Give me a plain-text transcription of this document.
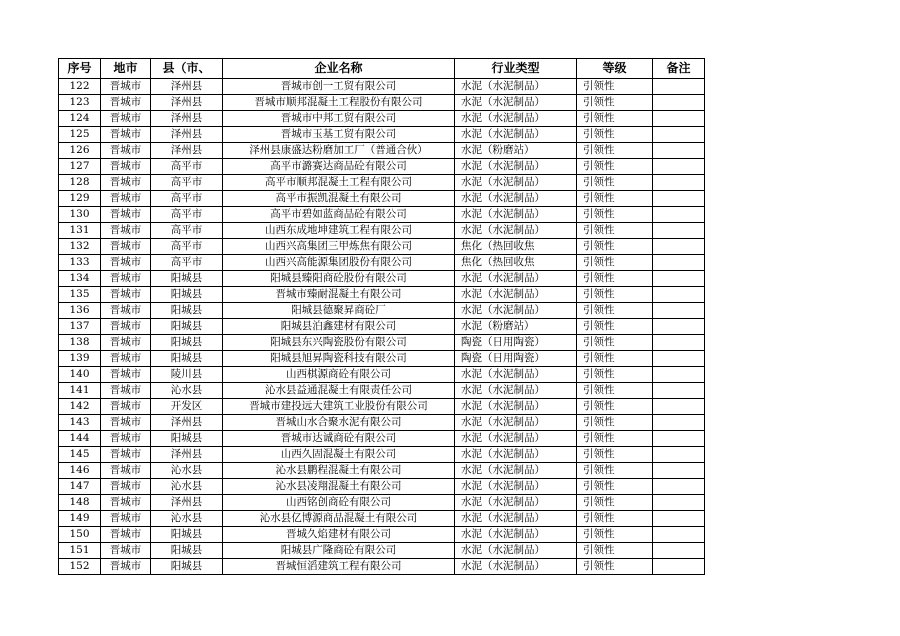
序号	地市	县（市、	企业名称	行业类型	等级	备注
122	晋城市	泽州县	晋城市创一工贸有限公司	水泥（水泥制品）	引领性	
123	晋城市	泽州县	晋城市顺邦混凝土工程股份有限公司	水泥（水泥制品）	引领性	
124	晋城市	泽州县	晋城市中邦工贸有限公司	水泥（水泥制品）	引领性	
125	晋城市	泽州县	晋城市玉基工贸有限公司	水泥（水泥制品）	引领性	
126	晋城市	泽州县	泽州县康盛达粉磨加工厂（普通合伙）	水泥（粉磨站）	引领性	
127	晋城市	高平市	高平市潞赛达商品砼有限公司	水泥（水泥制品）	引领性	
128	晋城市	高平市	高平市顺邦混凝土工程有限公司	水泥（水泥制品）	引领性	
129	晋城市	高平市	高平市振凯混凝土有限公司	水泥（水泥制品）	引领性	
130	晋城市	高平市	高平市碧如蓝商品砼有限公司	水泥（水泥制品）	引领性	
131	晋城市	高平市	山西东成地坤建筑工程有限公司	水泥（水泥制品）	引领性	
132	晋城市	高平市	山西兴高集团三甲炼焦有限公司	焦化（热回收焦	引领性	
133	晋城市	高平市	山西兴高能源集团股份有限公司	焦化（热回收焦	引领性	
134	晋城市	阳城县	阳城县臻阳商砼股份有限公司	水泥（水泥制品）	引领性	
135	晋城市	阳城县	晋城市臻耐混凝土有限公司	水泥（水泥制品）	引领性	
136	晋城市	阳城县	阳城县德聚昇商砼厂	水泥（水泥制品）	引领性	
137	晋城市	阳城县	阳城县泊鑫建材有限公司	水泥（粉磨站）	引领性	
138	晋城市	阳城县	阳城县东兴陶瓷股份有限公司	陶瓷（日用陶瓷）	引领性	
139	晋城市	阳城县	阳城县旭昇陶瓷科技有限公司	陶瓷（日用陶瓷）	引领性	
140	晋城市	陵川县	山西棋源商砼有限公司	水泥（水泥制品）	引领性	
141	晋城市	沁水县	沁水县益通混凝土有限责任公司	水泥（水泥制品）	引领性	
142	晋城市	开发区	晋城市建投远大建筑工业股份有限公司	水泥（水泥制品）	引领性	
143	晋城市	泽州县	晋城山水合聚水泥有限公司	水泥（水泥制品）	引领性	
144	晋城市	阳城县	晋城市达诚商砼有限公司	水泥（水泥制品）	引领性	
145	晋城市	泽州县	山西久固混凝土有限公司	水泥（水泥制品）	引领性	
146	晋城市	沁水县	沁水县鹏程混凝土有限公司	水泥（水泥制品）	引领性	
147	晋城市	沁水县	沁水县凌翔混凝土有限公司	水泥（水泥制品）	引领性	
148	晋城市	泽州县	山西铭创商砼有限公司	水泥（水泥制品）	引领性	
149	晋城市	沁水县	沁水县亿博源商品混凝土有限公司	水泥（水泥制品）	引领性	
150	晋城市	阳城县	晋城久焰建材有限公司	水泥（水泥制品）	引领性	
151	晋城市	阳城县	阳城县广隆商砼有限公司	水泥（水泥制品）	引领性	
152	晋城市	阳城县	晋城恒滔建筑工程有限公司	水泥（水泥制品）	引领性	
